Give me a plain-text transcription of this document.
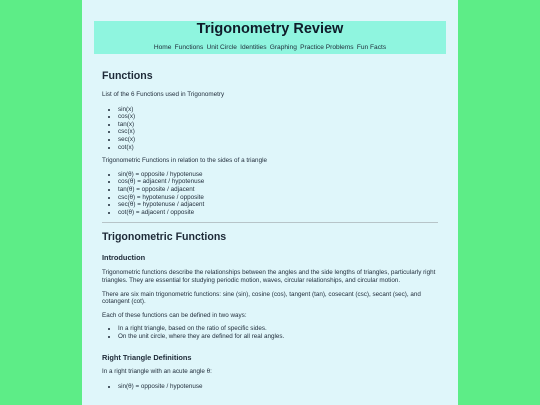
Trigonometry Review
Home Functions Unit Circle Identities Graphing Practice Problems Fun Facts
Functions

List of the 6 Functions used in Trigonometry

• sin(x)
• cos(x)
• tan(x)
• csc(x)
• sec(x)
• cot(x)

Trigonometric Functions in relation to the sides of a triangle

• sin(θ) = opposite / hypotenuse
• cos(θ) = adjacent / hypotenuse
• tan(θ) = opposite / adjacent
• csc(θ) = hypotenuse / opposite
• sec(θ) = hypotenuse / adjacent
• cot(θ) = adjacent / opposite
Trigonometric Functions
Introduction

Trigonometric functions describe the relationships between the angles and the side lengths of triangles, particularly right triangles. They are essential for studying periodic motion, waves, circular relationships, and circular motion.

There are six main trigonometric functions: sine (sin), cosine (cos), tangent (tan), cosecant (csc), secant (sec), and cotangent (cot).

Each of these functions can be defined in two ways:

• In a right triangle, based on the ratio of specific sides.
• On the unit circle, where they are defined for all real angles.
Right Triangle Definitions

In a right triangle with an acute angle θ:

• sin(θ) = opposite / hypotenuse
